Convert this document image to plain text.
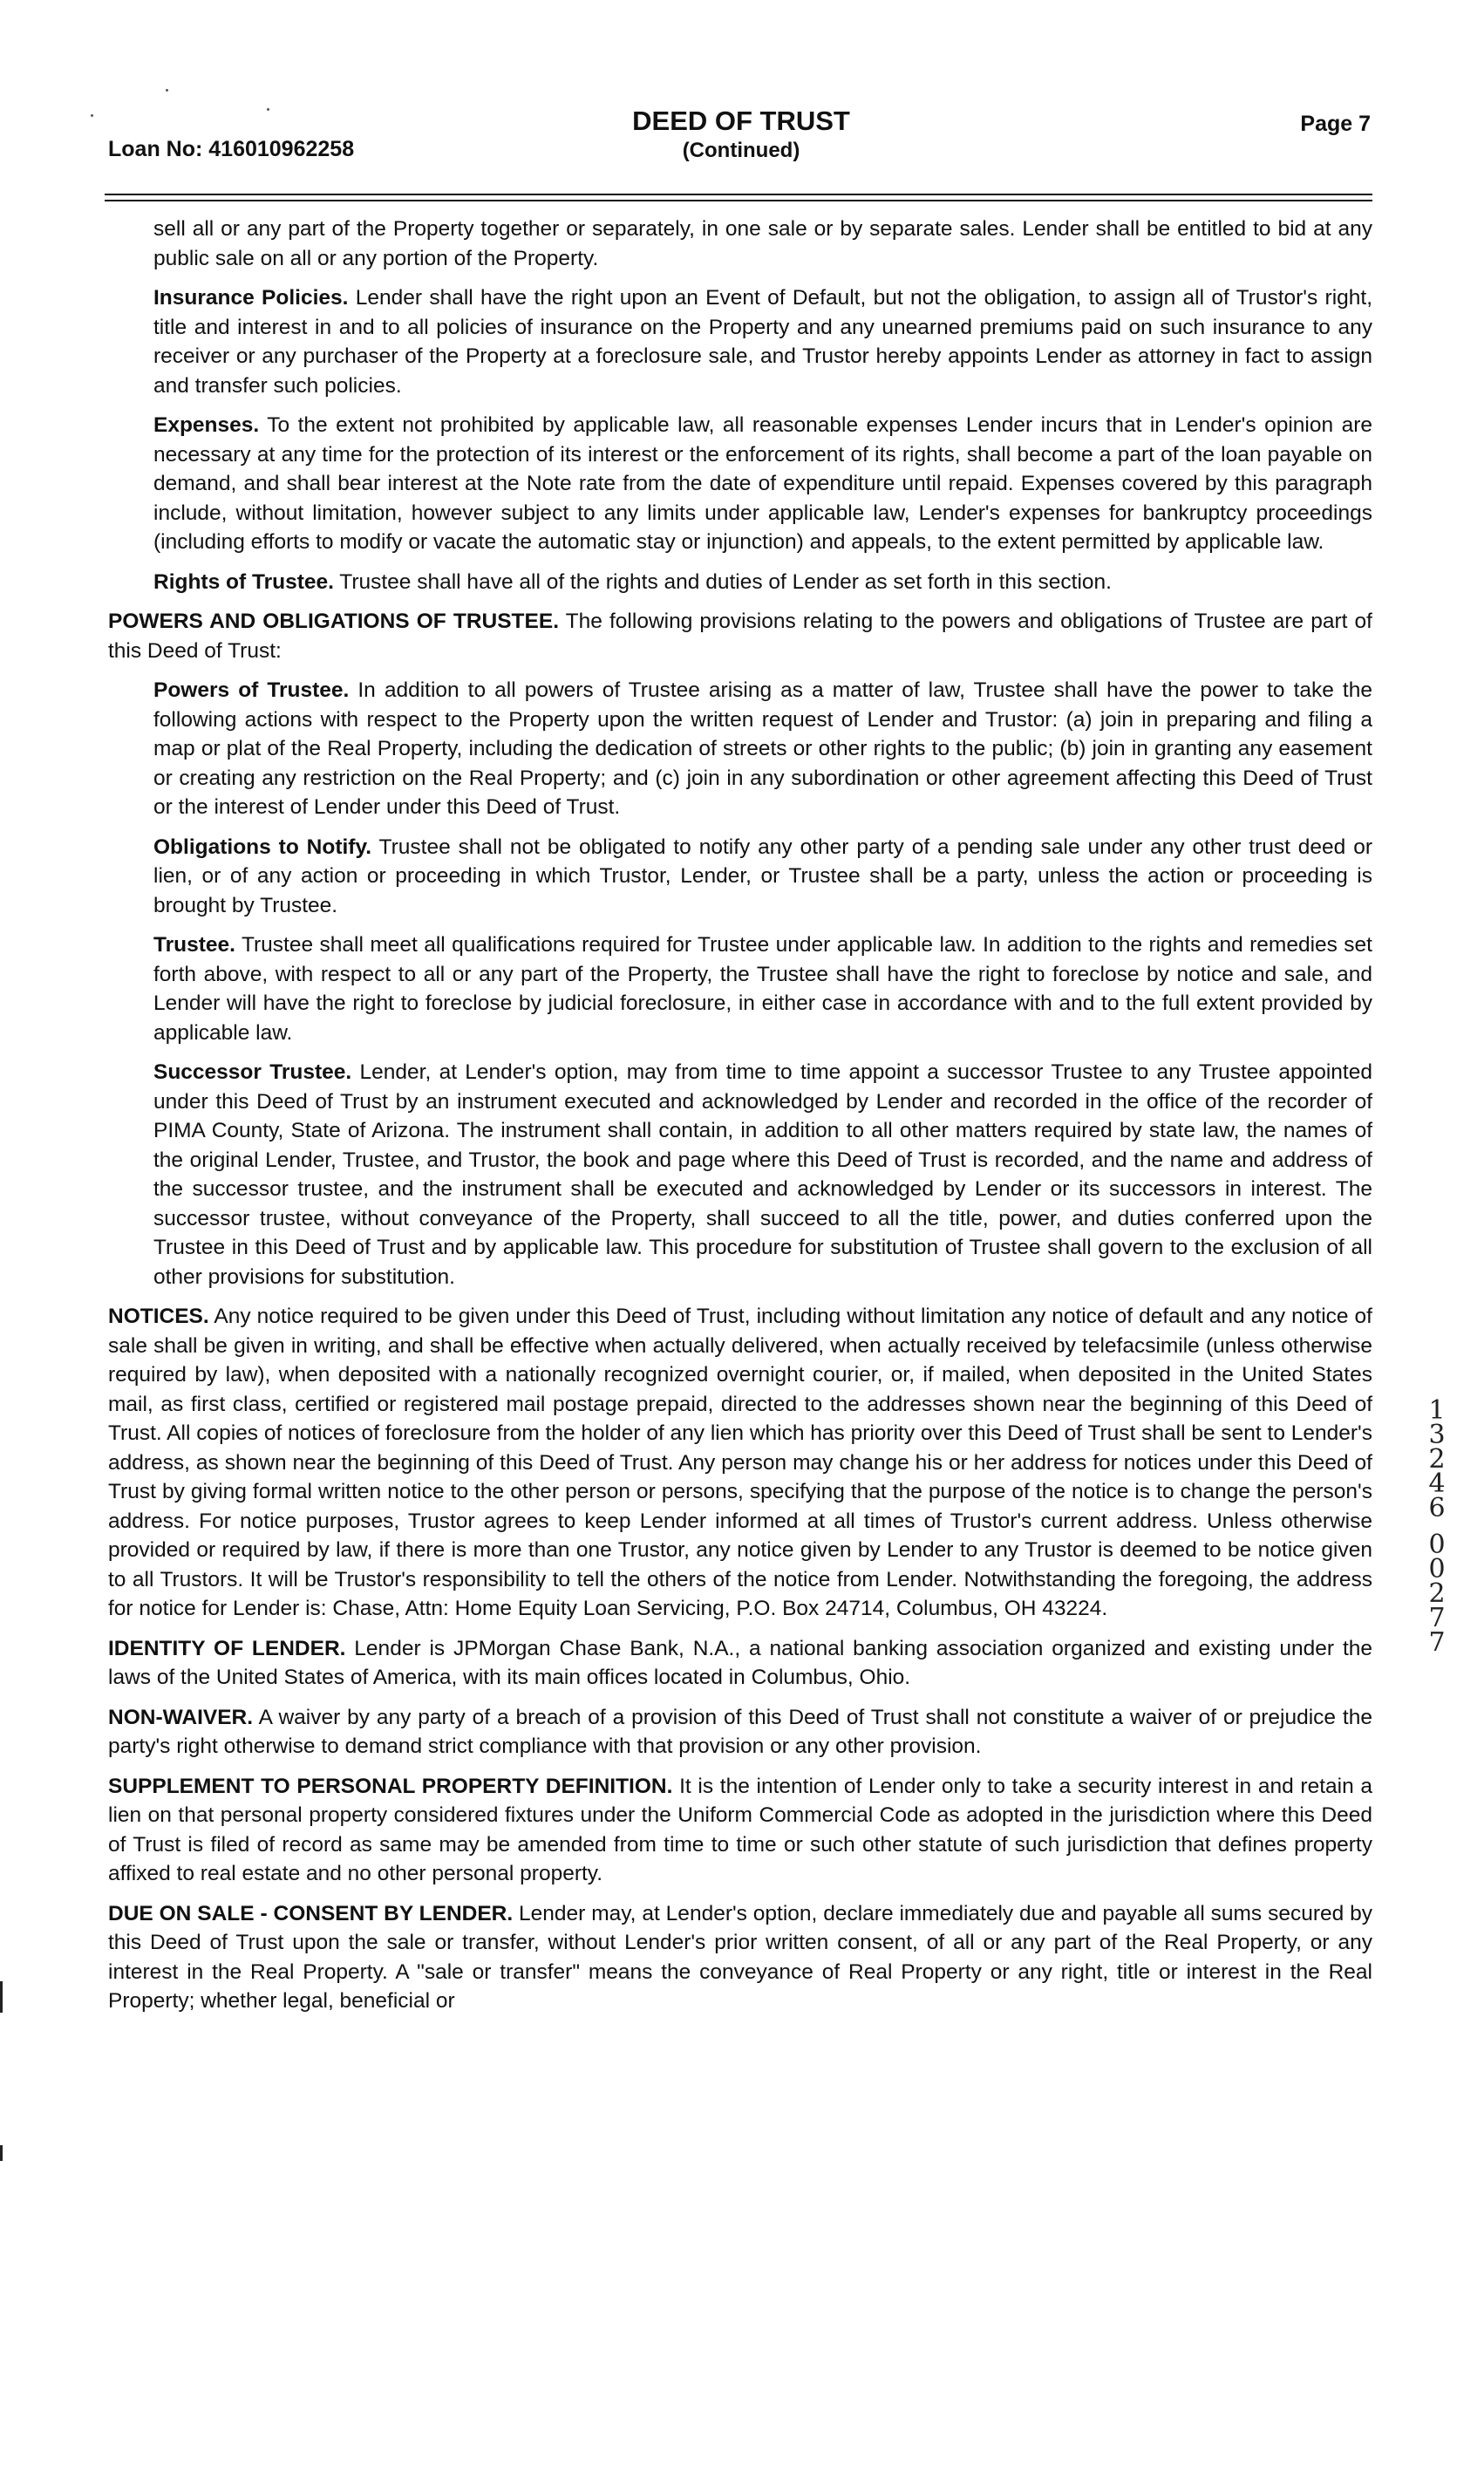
Loan No: 416010962258
DEED OF TRUST
(Continued)
Page 7

sell all or any part of the Property together or separately, in one sale or by separate sales. Lender shall be entitled to bid at any public sale on all or any portion of the Property.

Insurance Policies. Lender shall have the right upon an Event of Default, but not the obligation, to assign all of Trustor's right, title and interest in and to all policies of insurance on the Property and any unearned premiums paid on such insurance to any receiver or any purchaser of the Property at a foreclosure sale, and Trustor hereby appoints Lender as attorney in fact to assign and transfer such policies.

Expenses. To the extent not prohibited by applicable law, all reasonable expenses Lender incurs that in Lender's opinion are necessary at any time for the protection of its interest or the enforcement of its rights, shall become a part of the loan payable on demand, and shall bear interest at the Note rate from the date of expenditure until repaid. Expenses covered by this paragraph include, without limitation, however subject to any limits under applicable law, Lender's expenses for bankruptcy proceedings (including efforts to modify or vacate the automatic stay or injunction) and appeals, to the extent permitted by applicable law.

Rights of Trustee. Trustee shall have all of the rights and duties of Lender as set forth in this section.

POWERS AND OBLIGATIONS OF TRUSTEE. The following provisions relating to the powers and obligations of Trustee are part of this Deed of Trust:

Powers of Trustee. In addition to all powers of Trustee arising as a matter of law, Trustee shall have the power to take the following actions with respect to the Property upon the written request of Lender and Trustor: (a) join in preparing and filing a map or plat of the Real Property, including the dedication of streets or other rights to the public; (b) join in granting any easement or creating any restriction on the Real Property; and (c) join in any subordination or other agreement affecting this Deed of Trust or the interest of Lender under this Deed of Trust.

Obligations to Notify. Trustee shall not be obligated to notify any other party of a pending sale under any other trust deed or lien, or of any action or proceeding in which Trustor, Lender, or Trustee shall be a party, unless the action or proceeding is brought by Trustee.

Trustee. Trustee shall meet all qualifications required for Trustee under applicable law. In addition to the rights and remedies set forth above, with respect to all or any part of the Property, the Trustee shall have the right to foreclose by notice and sale, and Lender will have the right to foreclose by judicial foreclosure, in either case in accordance with and to the full extent provided by applicable law.

Successor Trustee. Lender, at Lender's option, may from time to time appoint a successor Trustee to any Trustee appointed under this Deed of Trust by an instrument executed and acknowledged by Lender and recorded in the office of the recorder of PIMA County, State of Arizona. The instrument shall contain, in addition to all other matters required by state law, the names of the original Lender, Trustee, and Trustor, the book and page where this Deed of Trust is recorded, and the name and address of the successor trustee, and the instrument shall be executed and acknowledged by Lender or its successors in interest. The successor trustee, without conveyance of the Property, shall succeed to all the title, power, and duties conferred upon the Trustee in this Deed of Trust and by applicable law. This procedure for substitution of Trustee shall govern to the exclusion of all other provisions for substitution.

NOTICES. Any notice required to be given under this Deed of Trust, including without limitation any notice of default and any notice of sale shall be given in writing, and shall be effective when actually delivered, when actually received by telefacsimile (unless otherwise required by law), when deposited with a nationally recognized overnight courier, or, if mailed, when deposited in the United States mail, as first class, certified or registered mail postage prepaid, directed to the addresses shown near the beginning of this Deed of Trust. All copies of notices of foreclosure from the holder of any lien which has priority over this Deed of Trust shall be sent to Lender's address, as shown near the beginning of this Deed of Trust. Any person may change his or her address for notices under this Deed of Trust by giving formal written notice to the other person or persons, specifying that the purpose of the notice is to change the person's address. For notice purposes, Trustor agrees to keep Lender informed at all times of Trustor's current address. Unless otherwise provided or required by law, if there is more than one Trustor, any notice given by Lender to any Trustor is deemed to be notice given to all Trustors. It will be Trustor's responsibility to tell the others of the notice from Lender. Notwithstanding the foregoing, the address for notice for Lender is: Chase, Attn: Home Equity Loan Servicing, P.O. Box 24714, Columbus, OH 43224.

IDENTITY OF LENDER. Lender is JPMorgan Chase Bank, N.A., a national banking association organized and existing under the laws of the United States of America, with its main offices located in Columbus, Ohio.

NON-WAIVER. A waiver by any party of a breach of a provision of this Deed of Trust shall not constitute a waiver of or prejudice the party's right otherwise to demand strict compliance with that provision or any other provision.

SUPPLEMENT TO PERSONAL PROPERTY DEFINITION. It is the intention of Lender only to take a security interest in and retain a lien on that personal property considered fixtures under the Uniform Commercial Code as adopted in the jurisdiction where this Deed of Trust is filed of record as same may be amended from time to time or such other statute of such jurisdiction that defines property affixed to real estate and no other personal property.

DUE ON SALE - CONSENT BY LENDER. Lender may, at Lender's option, declare immediately due and payable all sums secured by this Deed of Trust upon the sale or transfer, without Lender's prior written consent, of all or any part of the Real Property, or any interest in the Real Property. A "sale or transfer" means the conveyance of Real Property or any right, title or interest in the Real Property; whether legal, beneficial or

1
3
2
4
6
0
0
2
7
7
